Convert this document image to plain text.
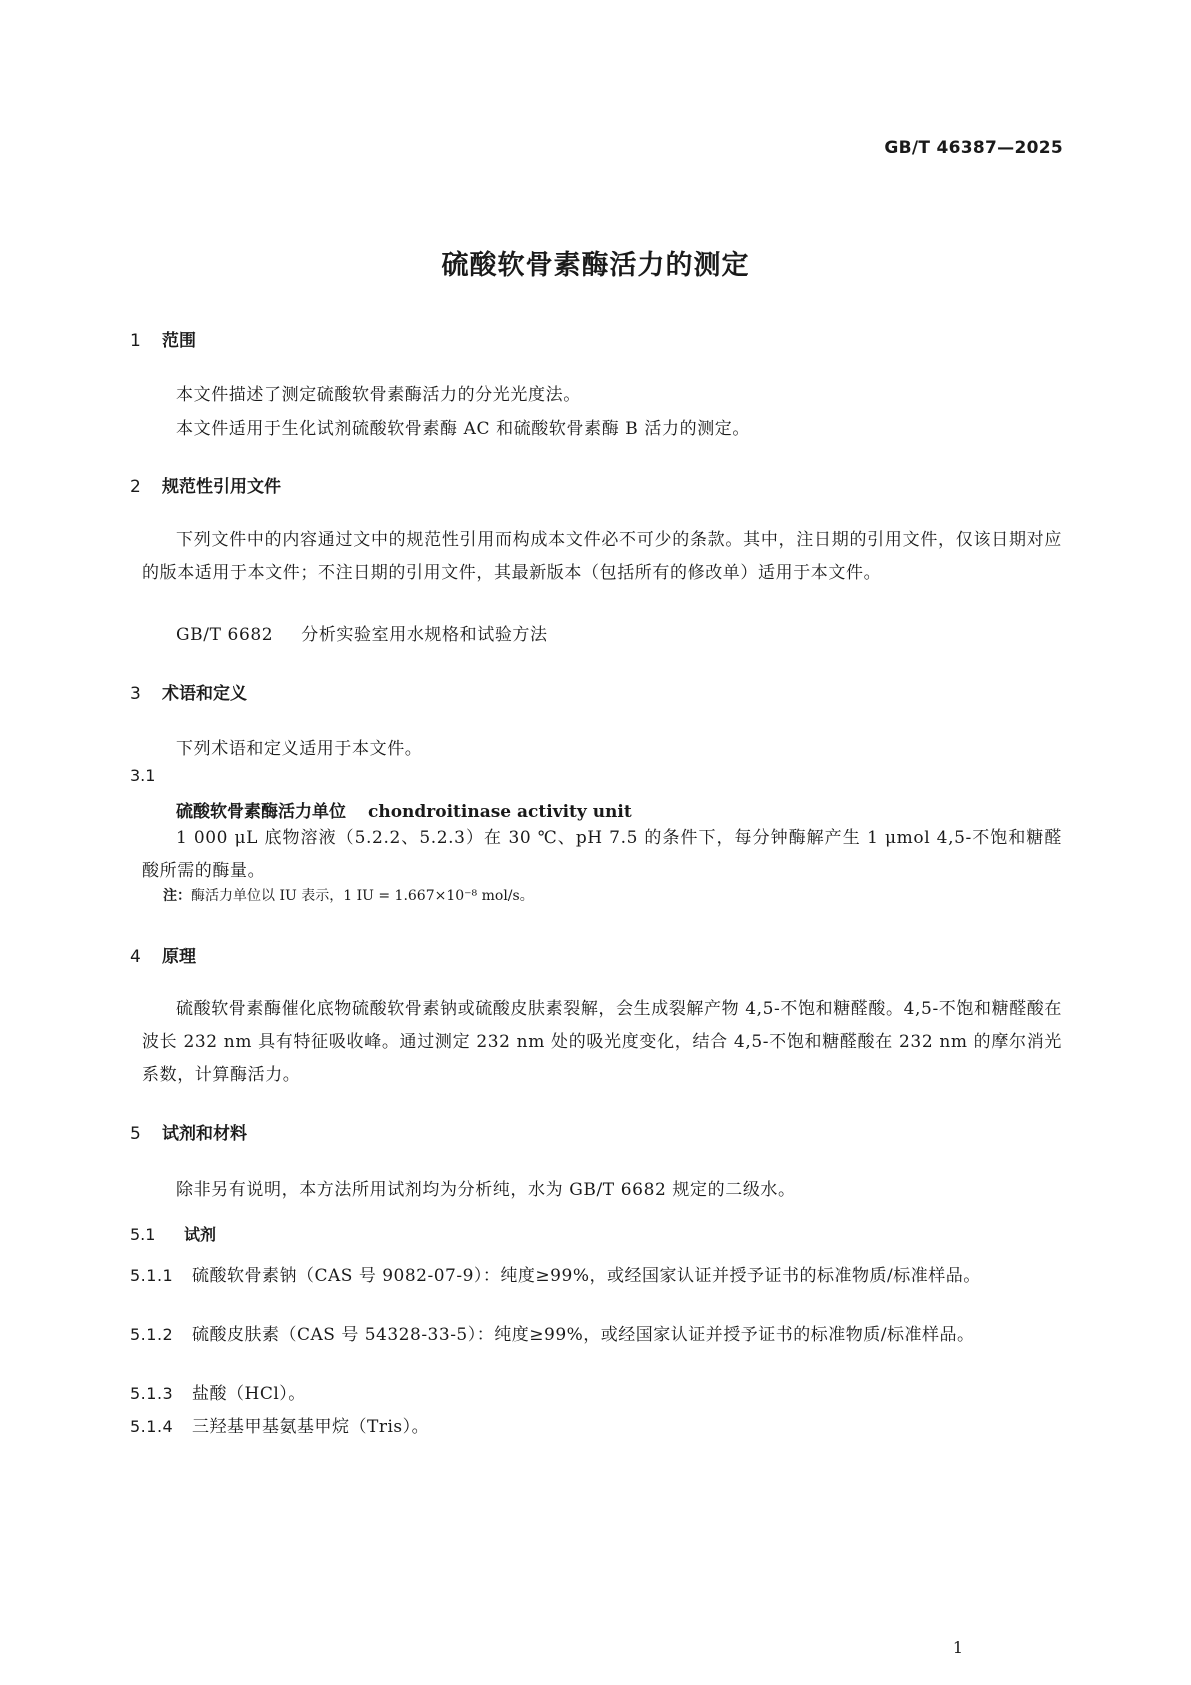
GB/T 46387—2025
硫酸软骨素酶活力的测定
1 范围
本文件描述了测定硫酸软骨素酶活力的分光光度法。
本文件适用于生化试剂硫酸软骨素酶 AC 和硫酸软骨素酶 B 活力的测定。
2 规范性引用文件
下列文件中的内容通过文中的规范性引用而构成本文件必不可少的条款。其中，注日期的引用文件，仅该日期对应的版本适用于本文件；不注日期的引用文件，其最新版本（包括所有的修改单）适用于本文件。
GB/T 6682 分析实验室用水规格和试验方法
3 术语和定义
下列术语和定义适用于本文件。
3.1
硫酸软骨素酶活力单位 chondroitinase activity unit
1 000 μL 底物溶液（5.2.2、5.2.3）在 30 ℃、pH 7.5 的条件下，每分钟酶解产生 1 μmol 4,5-不饱和糖醛酸所需的酶量。
注：酶活力单位以 IU 表示，1 IU = 1.667×10⁻⁸ mol/s。
4 原理
硫酸软骨素酶催化底物硫酸软骨素钠或硫酸皮肤素裂解，会生成裂解产物 4,5-不饱和糖醛酸。4,5-不饱和糖醛酸在波长 232 nm 具有特征吸收峰。通过测定 232 nm 处的吸光度变化，结合 4,5-不饱和糖醛酸在 232 nm 的摩尔消光系数，计算酶活力。
5 试剂和材料
除非另有说明，本方法所用试剂均为分析纯，水为 GB/T 6682 规定的二级水。
5.1 试剂
5.1.1 硫酸软骨素钠（CAS 号 9082-07-9）：纯度≥99%，或经国家认证并授予证书的标准物质/标准样品。
5.1.2 硫酸皮肤素（CAS 号 54328-33-5）：纯度≥99%，或经国家认证并授予证书的标准物质/标准样品。
5.1.3 盐酸（HCl）。
5.1.4 三羟基甲基氨基甲烷（Tris）。
1
